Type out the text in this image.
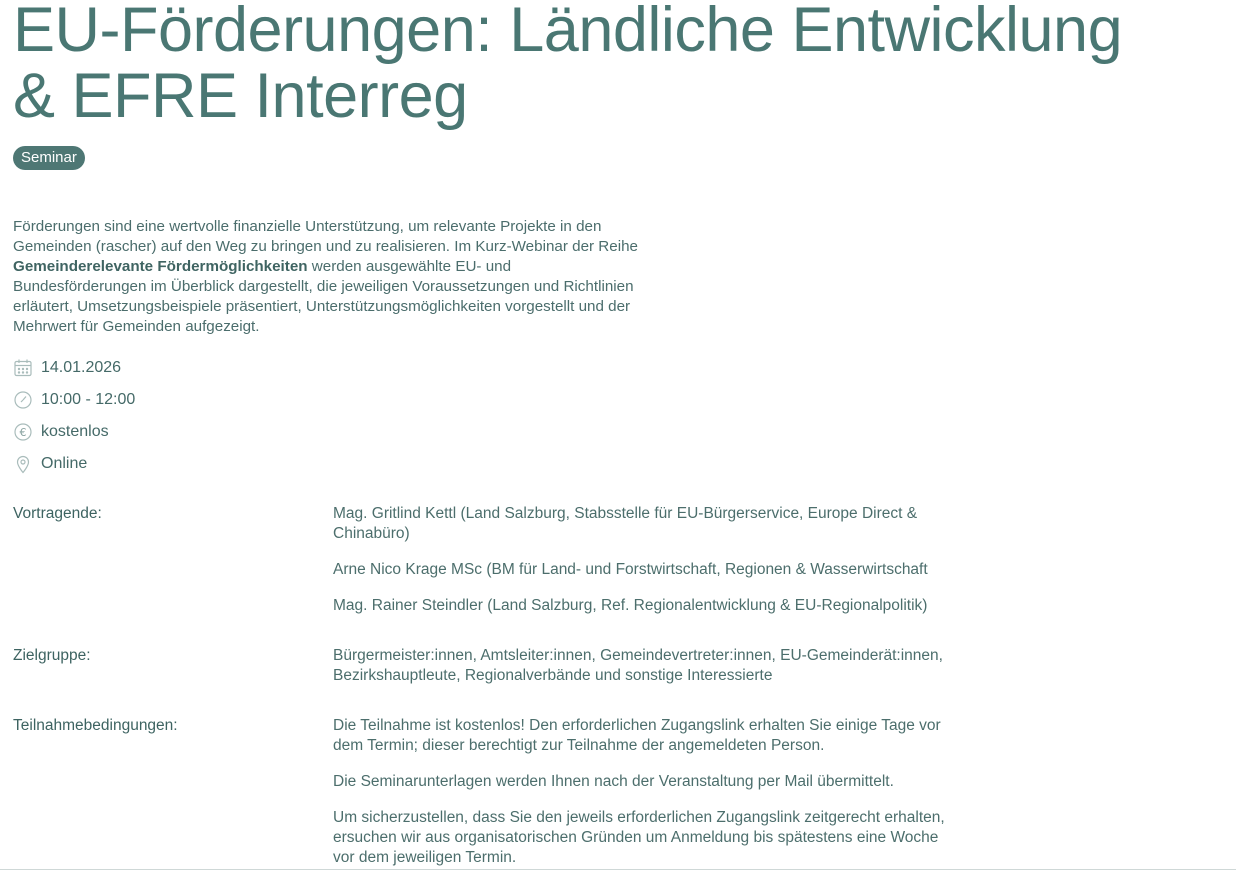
EU-Förderungen: Ländliche Entwicklung
& EFRE Interreg
Seminar

Förderungen sind eine wertvolle finanzielle Unterstützung, um relevante Projekte in den Gemeinden (rascher) auf den Weg zu bringen und zu realisieren. Im Kurz-Webinar der Reihe Gemeinderelevante Fördermöglichkeiten werden ausgewählte EU- und Bundesförderungen im Überblick dargestellt, die jeweiligen Voraussetzungen und Richtlinien erläutert, Umsetzungsbeispiele präsentiert, Unterstützungsmöglichkeiten vorgestellt und der Mehrwert für Gemeinden aufgezeigt.

14.01.2026
10:00 - 12:00
€ kostenlos
Online
Vortragende:	Mag. Gritlind Kettl (Land Salzburg, Stabsstelle für EU-Bürgerservice, Europe Direct & Chinabüro)

Arne Nico Krage MSc (BM für Land- und Forstwirtschaft, Regionen & Wasserwirtschaft

Mag. Rainer Steindler (Land Salzburg, Ref. Regionalentwicklung & EU-Regionalpolitik)

Zielgruppe:	Bürgermeister:innen, Amtsleiter:innen, Gemeindevertreter:innen, EU-Gemeinderät:innen, Bezirkshauptleute, Regionalverbände und sonstige Interessierte

Teilnahmebedingungen:	Die Teilnahme ist kostenlos! Den erforderlichen Zugangslink erhalten Sie einige Tage vor dem Termin; dieser berechtigt zur Teilnahme der angemeldeten Person.

Die Seminarunterlagen werden Ihnen nach der Veranstaltung per Mail übermittelt.

Um sicherzustellen, dass Sie den jeweils erforderlichen Zugangslink zeitgerecht erhalten, ersuchen wir aus organisatorischen Gründen um Anmeldung bis spätestens eine Woche vor dem jeweiligen Termin.
